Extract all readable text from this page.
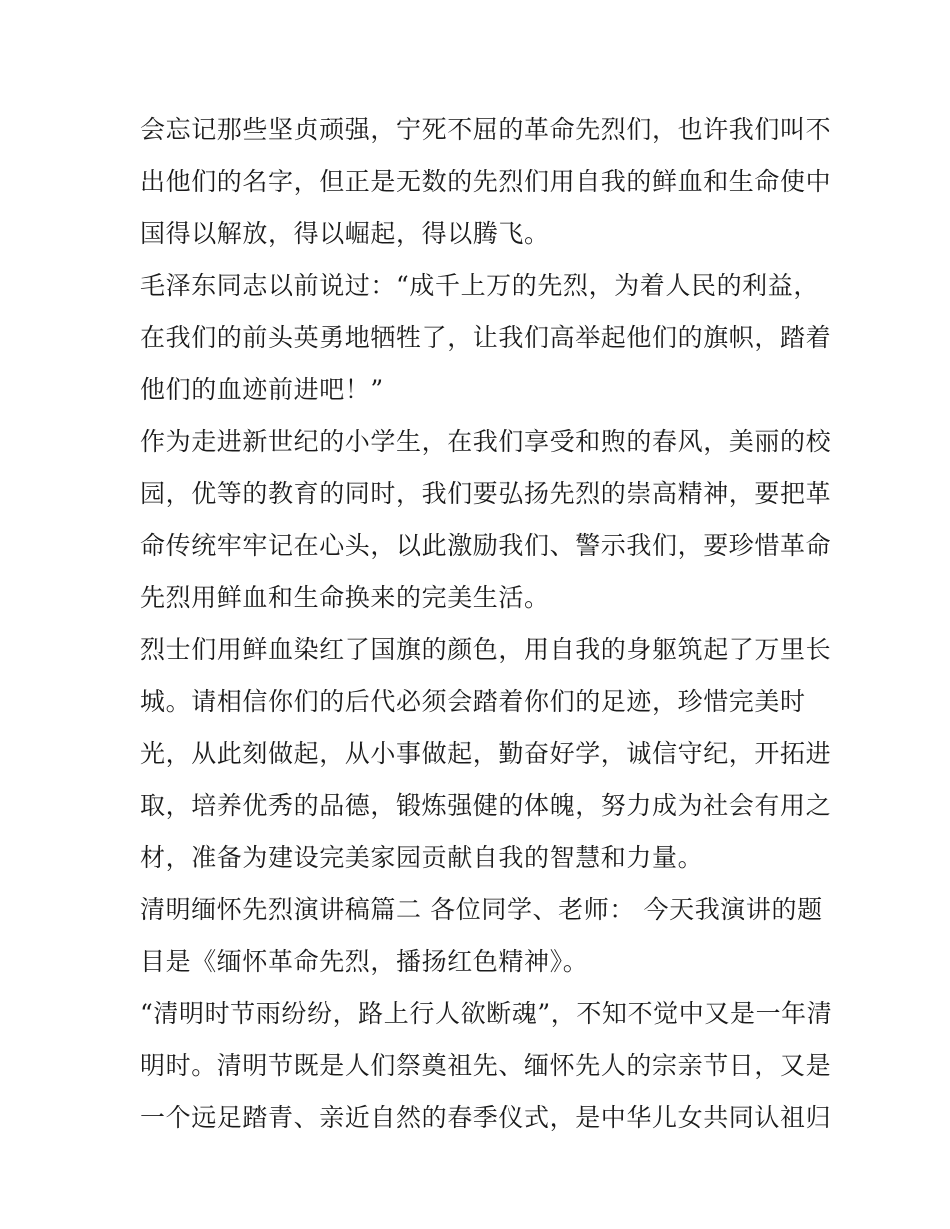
会忘记那些坚贞顽强，宁死不屈的革命先烈们，也许我们叫不
出他们的名字，但正是无数的先烈们用自我的鲜血和生命使中
国得以解放，得以崛起，得以腾飞。
毛泽东同志以前说过：“成千上万的先烈，为着人民的利益，
在我们的前头英勇地牺牲了，让我们高举起他们的旗帜，踏着
他们的血迹前进吧！”
作为走进新世纪的小学生，在我们享受和煦的春风，美丽的校
园，优等的教育的同时，我们要弘扬先烈的崇高精神，要把革
命传统牢牢记在心头，以此激励我们、警示我们，要珍惜革命
先烈用鲜血和生命换来的完美生活。
烈士们用鲜血染红了国旗的颜色，用自我的身躯筑起了万里长
城。请相信你们的后代必须会踏着你们的足迹，珍惜完美时
光，从此刻做起，从小事做起，勤奋好学，诚信守纪，开拓进
取，培养优秀的品德，锻炼强健的体魄，努力成为社会有用之
材，准备为建设完美家园贡献自我的智慧和力量。
清明缅怀先烈演讲稿篇二 各位同学、老师： 今天我演讲的题
目是《缅怀革命先烈，播扬红色精神》。
“清明时节雨纷纷，路上行人欲断魂”，不知不觉中又是一年清
明时。清明节既是人们祭奠祖先、缅怀先人的宗亲节日，又是
一个远足踏青、亲近自然的春季仪式，是中华儿女共同认祖归
